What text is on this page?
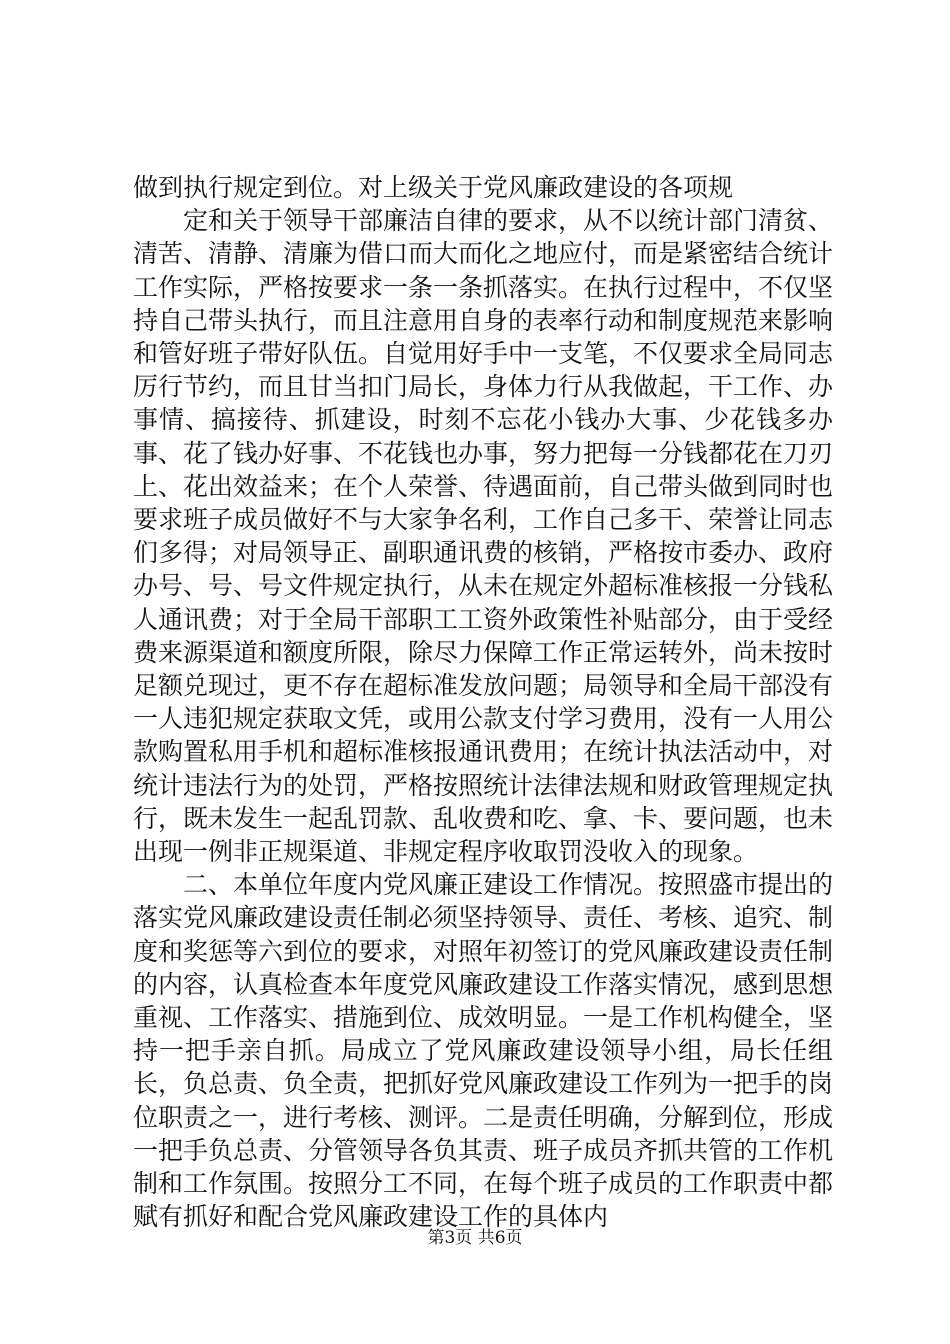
做到执行规定到位。对上级关于党风廉政建设的各项规

定和关于领导干部廉洁自律的要求，从不以统计部门清贫、清苦、清静、清廉为借口而大而化之地应付，而是紧密结合统计工作实际，严格按要求一条一条抓落实。在执行过程中，不仅坚持自己带头执行，而且注意用自身的表率行动和制度规范来影响和管好班子带好队伍。自觉用好手中一支笔，不仅要求全局同志厉行节约，而且甘当扣门局长，身体力行从我做起，干工作、办事情、搞接待、抓建设，时刻不忘花小钱办大事、少花钱多办事、花了钱办好事、不花钱也办事，努力把每一分钱都花在刀刃上、花出效益来；在个人荣誉、待遇面前，自己带头做到同时也要求班子成员做好不与大家争名利，工作自己多干、荣誉让同志们多得；对局领导正、副职通讯费的核销，严格按市委办、政府办号、号、号文件规定执行，从未在规定外超标准核报一分钱私人通讯费；对于全局干部职工工资外政策性补贴部分，由于受经费来源渠道和额度所限，除尽力保障工作正常运转外，尚未按时足额兑现过，更不存在超标准发放问题；局领导和全局干部没有一人违犯规定获取文凭，或用公款支付学习费用，没有一人用公款购置私用手机和超标准核报通讯费用；在统计执法活动中，对统计违法行为的处罚，严格按照统计法律法规和财政管理规定执行，既未发生一起乱罚款、乱收费和吃、拿、卡、要问题，也未出现一例非正规渠道、非规定程序收取罚没收入的现象。

二、本单位年度内党风廉正建设工作情况。按照盛市提出的落实党风廉政建设责任制必须坚持领导、责任、考核、追究、制度和奖惩等六到位的要求，对照年初签订的党风廉政建设责任制的内容，认真检查本年度党风廉政建设工作落实情况，感到思想重视、工作落实、措施到位、成效明显。一是工作机构健全，坚持一把手亲自抓。局成立了党风廉政建设领导小组，局长任组长，负总责、负全责，把抓好党风廉政建设工作列为一把手的岗位职责之一，进行考核、测评。二是责任明确，分解到位，形成一把手负总责、分管领导各负其责、班子成员齐抓共管的工作机制和工作氛围。按照分工不同，在每个班子成员的工作职责中都赋有抓好和配合党风廉政建设工作的具体内

第3页 共6页
